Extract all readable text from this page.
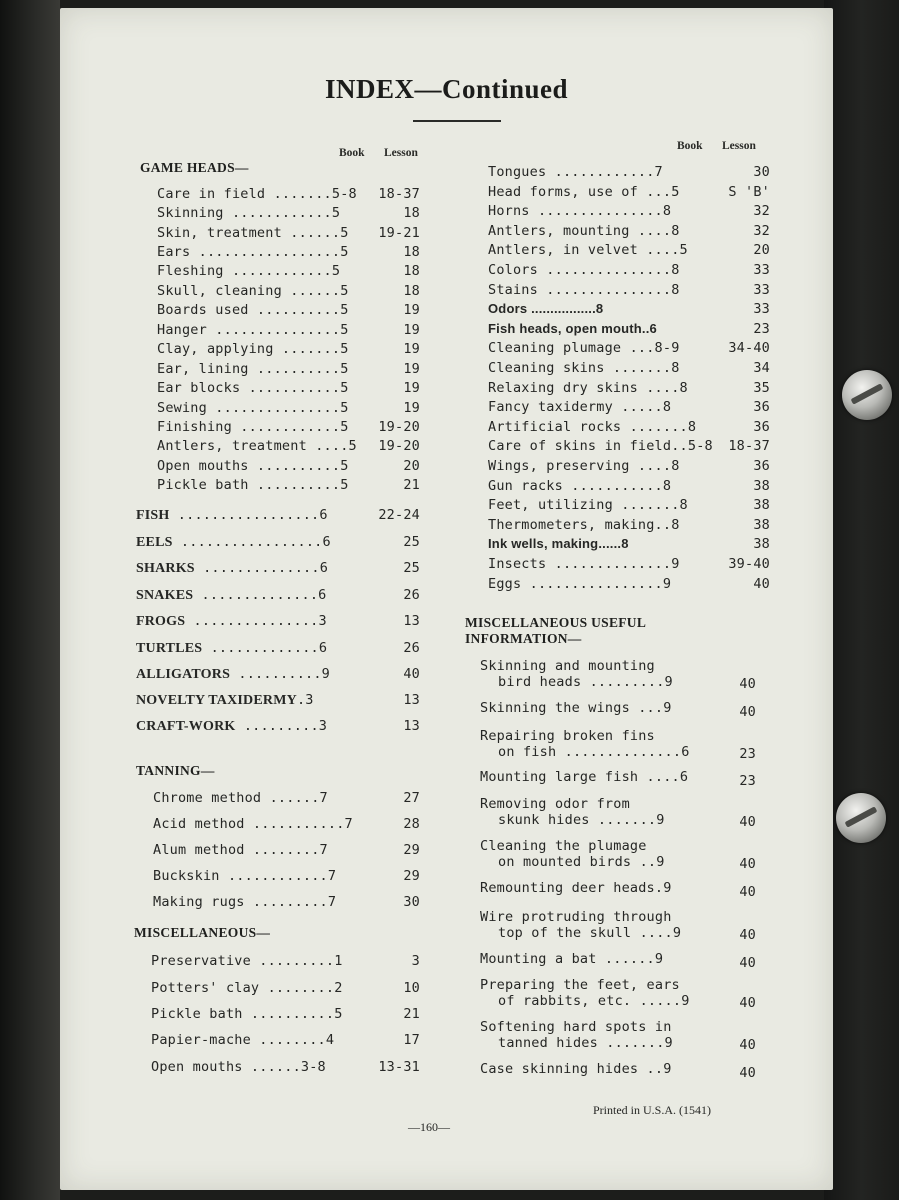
INDEX—Continued
Book Lesson
Book Lesson
GAME HEADS—
Care in field .......5-8 18-37
Skinning ............5	18
Skin, treatment ......5 19-21
Ears .................5	18
Fleshing ............5	18
Skull, cleaning ......5	18
Boards used ..........5	19
Hanger ...............5	19
Clay, applying .......5	19
Ear, lining ..........5	19
Ear blocks ...........5	19
Sewing ...............5	19
Finishing ............5 19-20
Antlers, treatment ....5 19-20
Open mouths ..........5	20
Pickle bath ..........5	21
FISH .................6	22-24
EELS .................6	25
SHARKS ..............6	25
SNAKES ..............6	26
FROGS ...............3	13
TURTLES .............6	26
ALLIGATORS ..........9	40
NOVELTY TAXIDERMY.3	13
CRAFT-WORK .........3	13
TANNING—
Chrome method ......7	27
Acid method ...........7	28
Alum method ........7	29
Buckskin ............7	29
Making rugs .........7	30
MISCELLANEOUS—
Preservative .........1	3
Potters' clay ........2	10
Pickle bath ..........5	21
Papier-mache ........4	17
Open mouths ......3-8	13-31
Tongues ............7	30
Head forms, use of ...5	S 'B'
Horns ...............8	32
Antlers, mounting ....8	32
Antlers, in velvet ....5	20
Colors ...............8	33
Stains ...............8	33
Odors .................8	33
Fish heads, open mouth..6	23
Cleaning plumage ...8-9	34-40
Cleaning skins .......8	34
Relaxing dry skins ....8	35
Fancy taxidermy .....8	36
Artificial rocks .......8	36
Care of skins in field..5-8 18-37
Wings, preserving ....8	36
Gun racks ...........8	38
Feet, utilizing .......8	38
Thermometers, making..8	38
Ink wells, making......8	38
Insects ..............9	39-40
Eggs ................9	40
MISCELLANEOUS USEFUL
INFORMATION—
Skinning and mounting
bird heads .........9	40
Skinning the wings ...9	40
Repairing broken fins
on fish ..............6	23
Mounting large fish ....6	23
Removing odor from
skunk hides .......9	40
Cleaning the plumage
on mounted birds ..9	40
Remounting deer heads.9	40
Wire protruding through
top of the skull ....9	40
Mounting a bat ......9	40
Preparing the feet, ears
of rabbits, etc. .....9	40
Softening hard spots in
tanned hides .......9	40
Case skinning hides ..9	40
Printed in U.S.A. (1541)
—160—
